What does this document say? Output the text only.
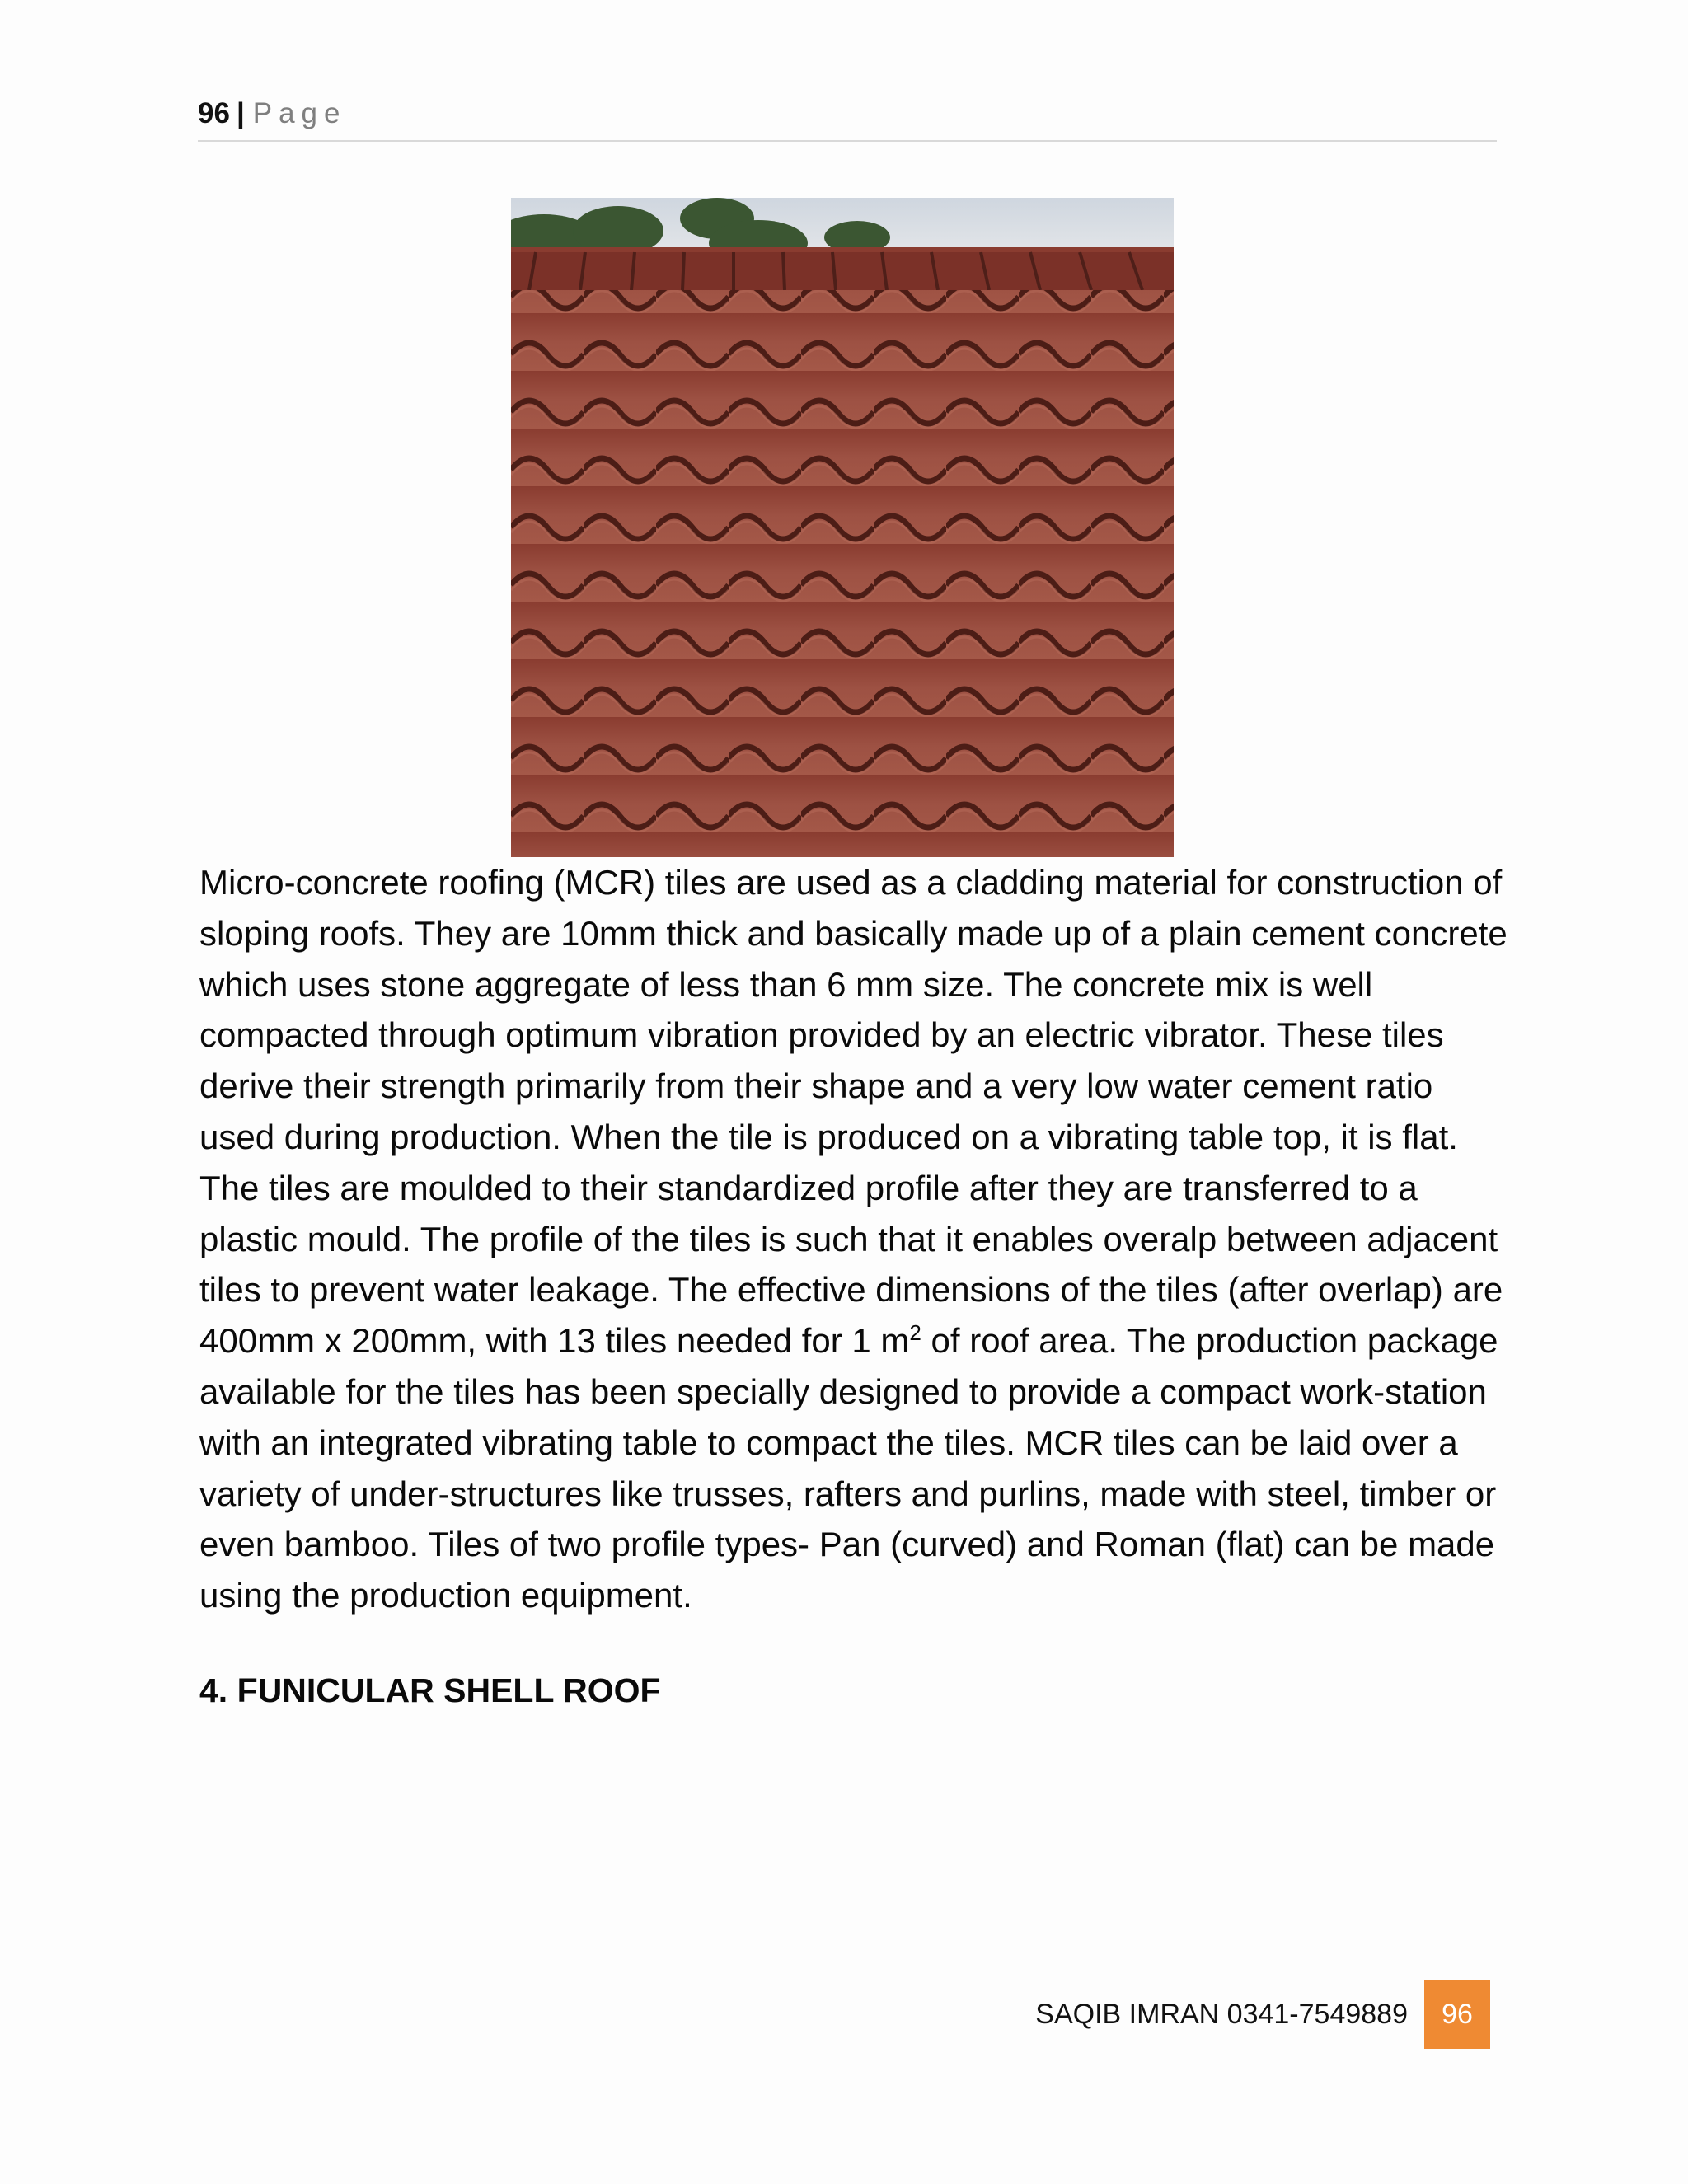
96 | Page
Micro-concrete roofing (MCR) tiles are used as a cladding material for construction of sloping roofs. They are 10mm thick and basically made up of a plain cement concrete which uses stone aggregate of less than 6 mm size. The concrete mix is well compacted through optimum vibration provided by an electric vibrator. These tiles derive their strength primarily from their shape and a very low water cement ratio used during production. When the tile is produced on a vibrating table top, it is flat. The tiles are moulded to their standardized profile after they are transferred to a plastic mould. The profile of the tiles is such that it enables overalp between adjacent tiles to prevent water leakage. The effective dimensions of the tiles (after overlap) are 400mm x 200mm, with 13 tiles needed for 1 $m^2$ of roof area. The production package available for the tiles has been specially designed to provide a compact work-station with an integrated vibrating table to compact the tiles. MCR tiles can be laid over a variety of under-structures like trusses, rafters and purlins, made with steel, timber or even bamboo. Tiles of two profile types- Pan (curved) and Roman (flat) can be made using the production equipment.
4. FUNICULAR SHELL ROOF
SAQIB IMRAN 0341-7549889	96
